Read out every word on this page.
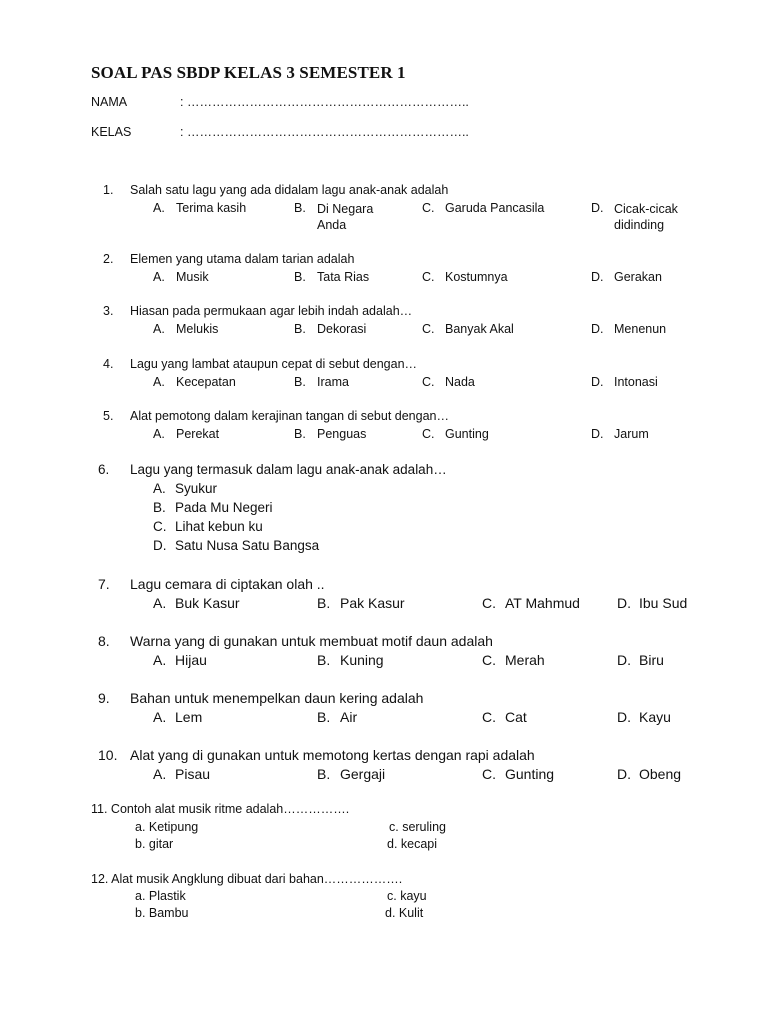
SOAL PAS SBDP KELAS 3 SEMESTER 1
NAMA	: …………………………………………………………..
KELAS	: …………………………………………………………..
1. Salah satu lagu yang ada didalam lagu anak-anak adalah
A. Terima kasih	B. Di Negara Anda
C. Garuda Pancasila	D. Cicak-cicak didinding
2. Elemen yang utama dalam tarian adalah
A. Musik	B. Tata Rias	C. Kostumnya	D. Gerakan
3. Hiasan pada permukaan agar lebih indah adalah…
A. Melukis	B. Dekorasi	C. Banyak Akal	D. Menenun
4. Lagu yang lambat ataupun cepat di sebut dengan…
A. Kecepatan	B. Irama	C. Nada	D. Intonasi
5. Alat pemotong dalam kerajinan tangan di sebut dengan…
A. Perekat	B. Penguas	C. Gunting	D. Jarum
6. Lagu yang termasuk dalam lagu anak-anak adalah…
A. Syukur
B. Pada Mu Negeri
C. Lihat kebun ku
D. Satu Nusa Satu Bangsa
7. Lagu cemara di ciptakan olah ..
A. Buk Kasur	B. Pak Kasur	C. AT Mahmud	D. Ibu Sud
8. Warna yang di gunakan untuk membuat motif daun adalah
A. Hijau	B. Kuning	C. Merah	D. Biru
9. Bahan untuk menempelkan daun kering adalah
A. Lem	B. Air	C. Cat	D. Kayu
10. Alat yang di gunakan untuk memotong kertas dengan rapi adalah
A. Pisau	B. Gergaji	C. Gunting	D. Obeng
11. Contoh alat musik ritme adalah…………….
a. Ketipung	c. seruling
b. gitar	d. kecapi
12. Alat musik Angklung dibuat dari bahan……………….
a. Plastik	c. kayu
b. Bambu	d. Kulit
